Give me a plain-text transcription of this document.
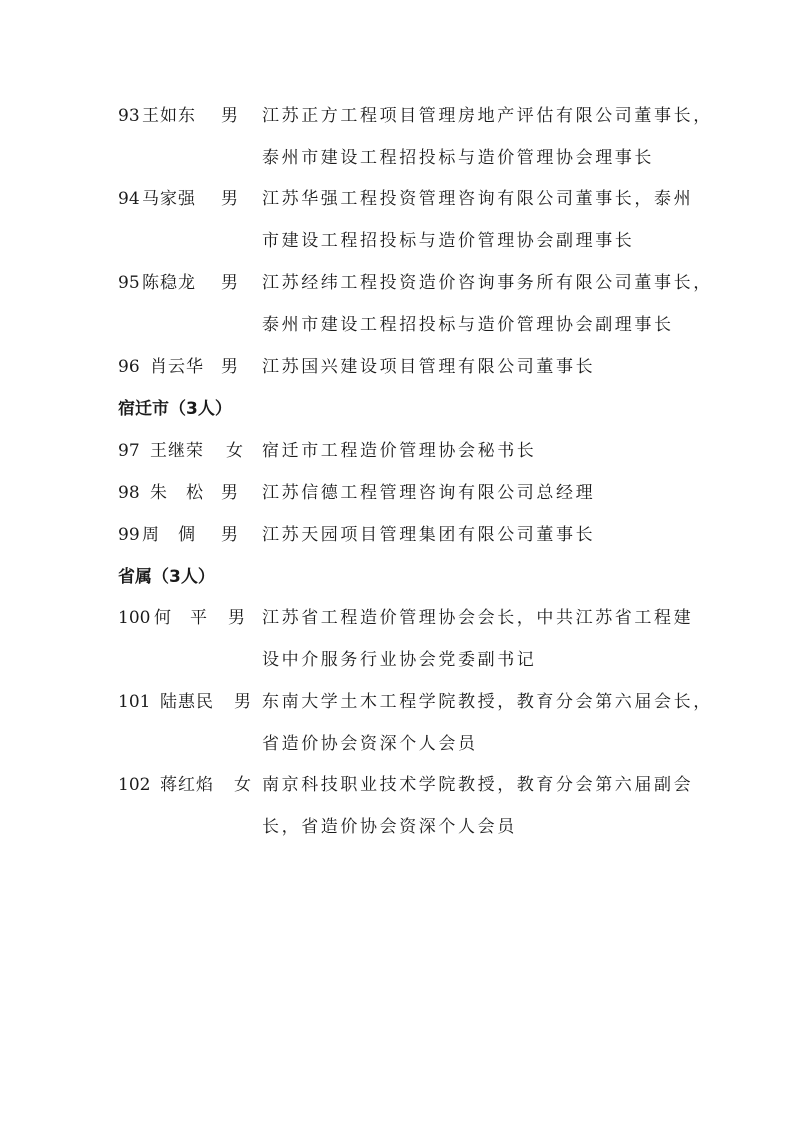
93 王如东 男 江苏正方工程项目管理房地产评估有限公司董事长，
泰州市建设工程招投标与造价管理协会理事长
94 马家强 男 江苏华强工程投资管理咨询有限公司董事长，泰州
市建设工程招投标与造价管理协会副理事长
95 陈稳龙 男 江苏经纬工程投资造价咨询事务所有限公司董事长，
泰州市建设工程招投标与造价管理协会副理事长
96 肖云华 男 江苏国兴建设项目管理有限公司董事长
宿迁市（3人）
97 王继荣 女 宿迁市工程造价管理协会秘书长
98 朱　松 男 江苏信德工程管理咨询有限公司总经理
99 周　倜 男 江苏天园项目管理集团有限公司董事长
省属（3人）
100 何　平 男 江苏省工程造价管理协会会长，中共江苏省工程建
设中介服务行业协会党委副书记
101 陆惠民 男 东南大学土木工程学院教授，教育分会第六届会长，
省造价协会资深个人会员
102 蒋红焰 女 南京科技职业技术学院教授，教育分会第六届副会
长，省造价协会资深个人会员
